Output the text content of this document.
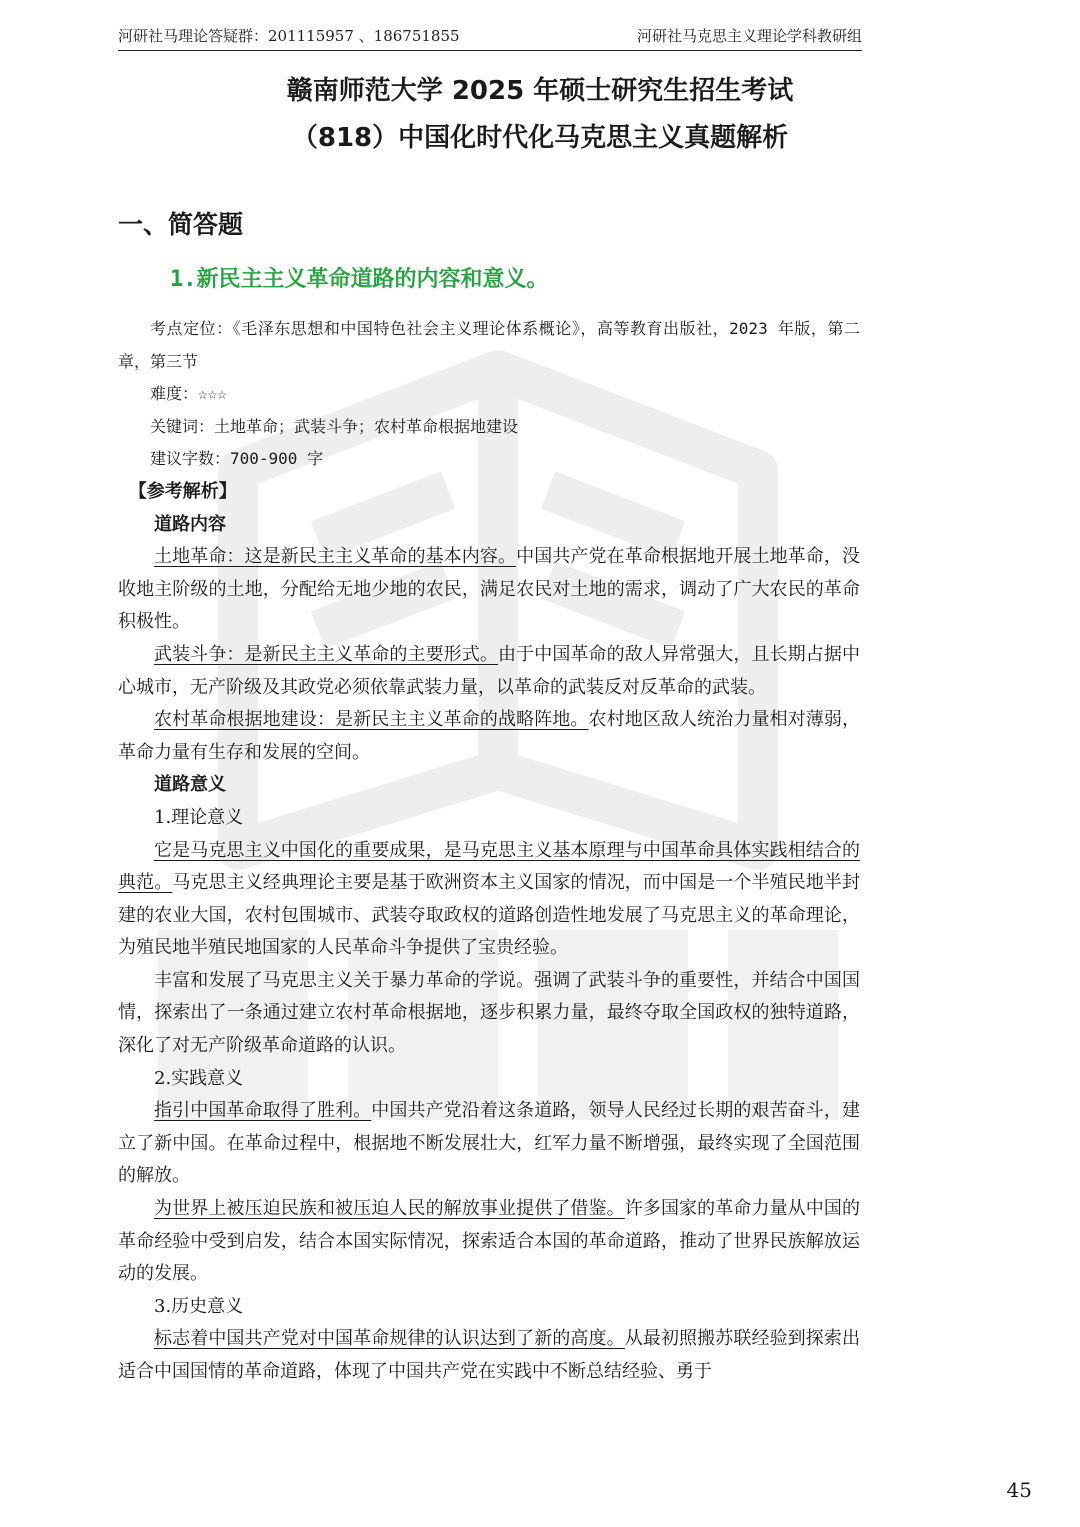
河研社马理论答疑群：201115957 、186751855	河研社马克思主义理论学科教研组
赣南师范大学 2025 年硕士研究生招生考试
（818）中国化时代化马克思主义真题解析
一、简答题
1.新民主主义革命道路的内容和意义。

考点定位：《毛泽东思想和中国特色社会主义理论体系概论》，高等教育出版社，2023 年版，第二章，第三节

难度：☆☆☆

关键词：土地革命；武装斗争；农村革命根据地建设

建议字数：700-900 字

【参考解析】

道路内容

土地革命：这是新民主主义革命的基本内容。中国共产党在革命根据地开展土地革命，没收地主阶级的土地，分配给无地少地的农民，满足农民对土地的需求，调动了广大农民的革命积极性。

武装斗争：是新民主主义革命的主要形式。由于中国革命的敌人异常强大，且长期占据中心城市，无产阶级及其政党必须依靠武装力量，以革命的武装反对反革命的武装。

农村革命根据地建设：是新民主主义革命的战略阵地。农村地区敌人统治力量相对薄弱，革命力量有生存和发展的空间。

道路意义

1.理论意义

它是马克思主义中国化的重要成果，是马克思主义基本原理与中国革命具体实践相结合的典范。马克思主义经典理论主要是基于欧洲资本主义国家的情况，而中国是一个半殖民地半封建的农业大国，农村包围城市、武装夺取政权的道路创造性地发展了马克思主义的革命理论，为殖民地半殖民地国家的人民革命斗争提供了宝贵经验。

丰富和发展了马克思主义关于暴力革命的学说。强调了武装斗争的重要性，并结合中国国情，探索出了一条通过建立农村革命根据地，逐步积累力量，最终夺取全国政权的独特道路，深化了对无产阶级革命道路的认识。

2.实践意义

指引中国革命取得了胜利。中国共产党沿着这条道路，领导人民经过长期的艰苦奋斗，建立了新中国。在革命过程中，根据地不断发展壮大，红军力量不断增强，最终实现了全国范围的解放。

为世界上被压迫民族和被压迫人民的解放事业提供了借鉴。许多国家的革命力量从中国的革命经验中受到启发，结合本国实际情况，探索适合本国的革命道路，推动了世界民族解放运动的发展。

3.历史意义

标志着中国共产党对中国革命规律的认识达到了新的高度。从最初照搬苏联经验到探索出适合中国国情的革命道路，体现了中国共产党在实践中不断总结经验、勇于

45
